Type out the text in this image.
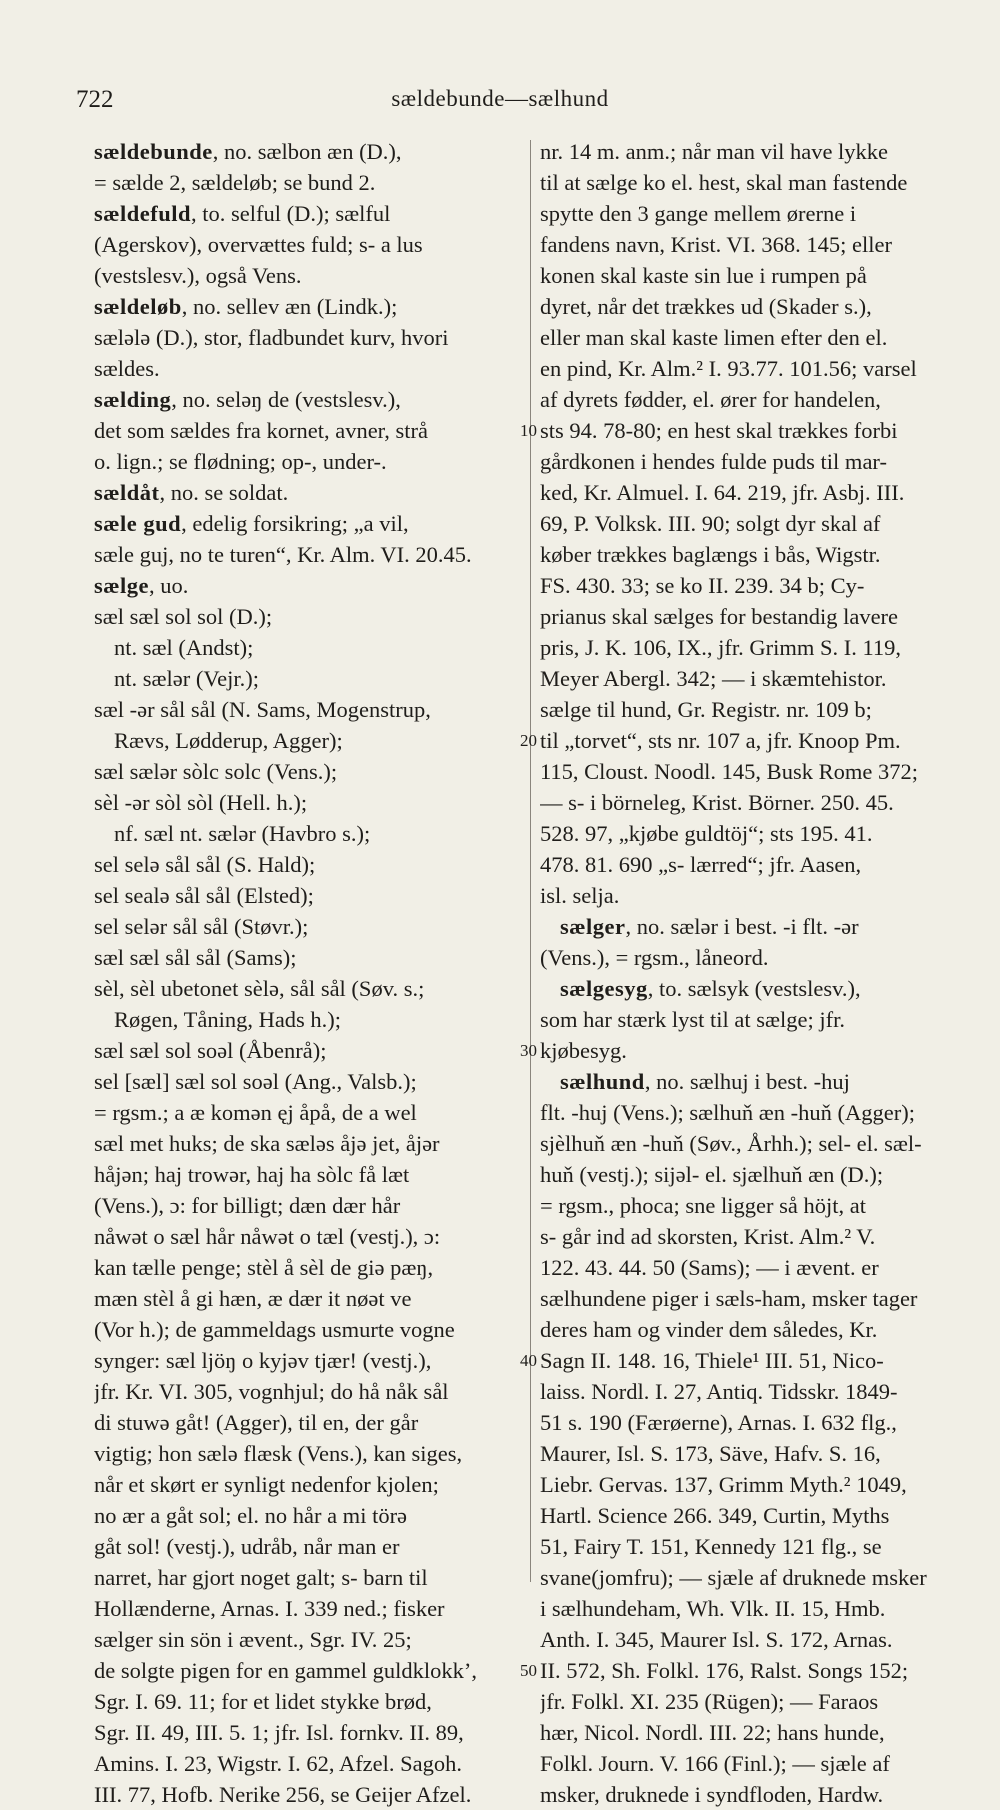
722	sældebunde—sælhund
sældebunde, no. sælbon æn (D.),
= sælde 2, sældeløb; se bund 2.
sældefuld, to. selful (D.); sælful
(Agerskov), overvættes fuld; s- a lus
(vestslesv.), også Vens.
sældeløb, no. sellev æn (Lindk.);
sælələ (D.), stor, fladbundet kurv, hvori
sældes.
sælding, no. seləŋ de (vestslesv.),
det som sældes fra kornet, avner, strå
o. lign.; se flødning; op-, under-.
sældåt, no. se soldat.
sæle gud, edelig forsikring; „a vil,
sæle guj, no te turen“, Kr. Alm. VI. 20.45.
sælge, uo.
sæl sæl sol sol (D.);
nt. sæl (Andst);
nt. sælər (Vejr.);
sæl -ər sål sål (N. Sams, Mogenstrup,
Rævs, Lødderup, Agger);
sæl sælər sòlc solc (Vens.);
sèl -ər sòl sòl (Hell. h.);
nf. sæl nt. sælər (Havbro s.);
sel selə sål sål (S. Hald);
sel sealə sål sål (Elsted);
sel selər sål sål (Støvr.);
sæl sæl sål sål (Sams);
sèl, sèl ubetonet sèlə, sål sål (Søv. s.;
Røgen, Tåning, Hads h.);
sæl sæl sol soəl (Åbenrå);
sel [sæl] sæl sol soəl (Ang., Valsb.);
= rgsm.; a æ komən ęj åpå, de a wel
sæl met huks; de ska sæləs åjə jet, åjər
håjən; haj trowər, haj ha sòlc få læt
(Vens.), ɔ: for billigt; dæn dær hår
nåwət o sæl hår nåwət o tæl (vestj.), ɔ:
kan tælle penge; stèl å sèl de giə pæŋ,
mæn stèl å gi hæn, æ dær it nøət ve
(Vor h.); de gammeldags usmurte vogne
synger: sæl ljöŋ o kyjəv tjær! (vestj.),
jfr. Kr. VI. 305, vognhjul; do hå nåk sål
di stuwə gåt! (Agger), til en, der går
vigtig; hon sælə flæsk (Vens.), kan siges,
når et skørt er synligt nedenfor kjolen;
no ær a gåt sol; el. no hår a mi törə
gåt sol! (vestj.), udråb, når man er
narret, har gjort noget galt; s- barn til
Hollænderne, Arnas. I. 339 ned.; fisker
sælger sin sön i ævent., Sgr. IV. 25;
de solgte pigen for en gammel guldklokk’,
Sgr. I. 69. 11; for et lidet stykke brød,
Sgr. II. 49, III. 5. 1; jfr. Isl. fornkv. II. 89,
Amins. I. 23, Wigstr. I. 62, Afzel. Sagoh.
III. 77, Hofb. Nerike 256, se Geijer Afzel.
nr. 14 m. anm.; når man vil have lykke
til at sælge ko el. hest, skal man fastende
spytte den 3 gange mellem ørerne i
fandens navn, Krist. VI. 368. 145; eller
konen skal kaste sin lue i rumpen på
dyret, når det trækkes ud (Skader s.),
eller man skal kaste limen efter den el.
en pind, Kr. Alm.² I. 93.77. 101.56; varsel
af dyrets fødder, el. ører for handelen,
sts 94. 78-80; en hest skal trækkes forbi
gårdkonen i hendes fulde puds til mar-
ked, Kr. Almuel. I. 64. 219, jfr. Asbj. III.
69, P. Volksk. III. 90; solgt dyr skal af
køber trækkes baglængs i bås, Wigstr.
FS. 430. 33; se ko II. 239. 34 b; Cy-
prianus skal sælges for bestandig lavere
pris, J. K. 106, IX., jfr. Grimm S. I. 119,
Meyer Abergl. 342; — i skæmtehistor.
sælge til hund, Gr. Registr. nr. 109 b;
til „torvet“, sts nr. 107 a, jfr. Knoop Pm.
115, Cloust. Noodl. 145, Busk Rome 372;
— s- i börneleg, Krist. Börner. 250. 45.
528. 97, „kjøbe guldtöj“; sts 195. 41.
478. 81. 690 „s- lærred“; jfr. Aasen,
isl. selja.
sælger, no. sælər i best. -i flt. -ər
(Vens.), = rgsm., låneord.
sælgesyg, to. sælsyk (vestslesv.),
som har stærk lyst til at sælge; jfr.
kjøbesyg.
sælhund, no. sælhuj i best. -huj
flt. -huj (Vens.); sælhuň æn -huň (Agger);
sjèlhuň æn -huň (Søv., Århh.); sel- el. sæl-
huň (vestj.); sijəl- el. sjælhuň æn (D.);
= rgsm., phoca; sne ligger så höjt, at
s- går ind ad skorsten, Krist. Alm.² V.
122. 43. 44. 50 (Sams); — i ævent. er
sælhundene piger i sæls-ham, msker tager
deres ham og vinder dem således, Kr.
Sagn II. 148. 16, Thiele¹ III. 51, Nico-
laiss. Nordl. I. 27, Antiq. Tidsskr. 1849-
51 s. 190 (Færøerne), Arnas. I. 632 flg.,
Maurer, Isl. S. 173, Säve, Hafv. S. 16,
Liebr. Gervas. 137, Grimm Myth.² 1049,
Hartl. Science 266. 349, Curtin, Myths
51, Fairy T. 151, Kennedy 121 flg., se
svane(jomfru); — sjæle af druknede msker
i sælhundeham, Wh. Vlk. II. 15, Hmb.
Anth. I. 345, Maurer Isl. S. 172, Arnas.
II. 572, Sh. Folkl. 176, Ralst. Songs 152;
jfr. Folkl. XI. 235 (Rügen); — Faraos
hær, Nicol. Nordl. III. 22; hans hunde,
Folkl. Journ. V. 166 (Finl.); — sjæle af
msker, druknede i syndfloden, Hardw.
10
20
30
40
50
